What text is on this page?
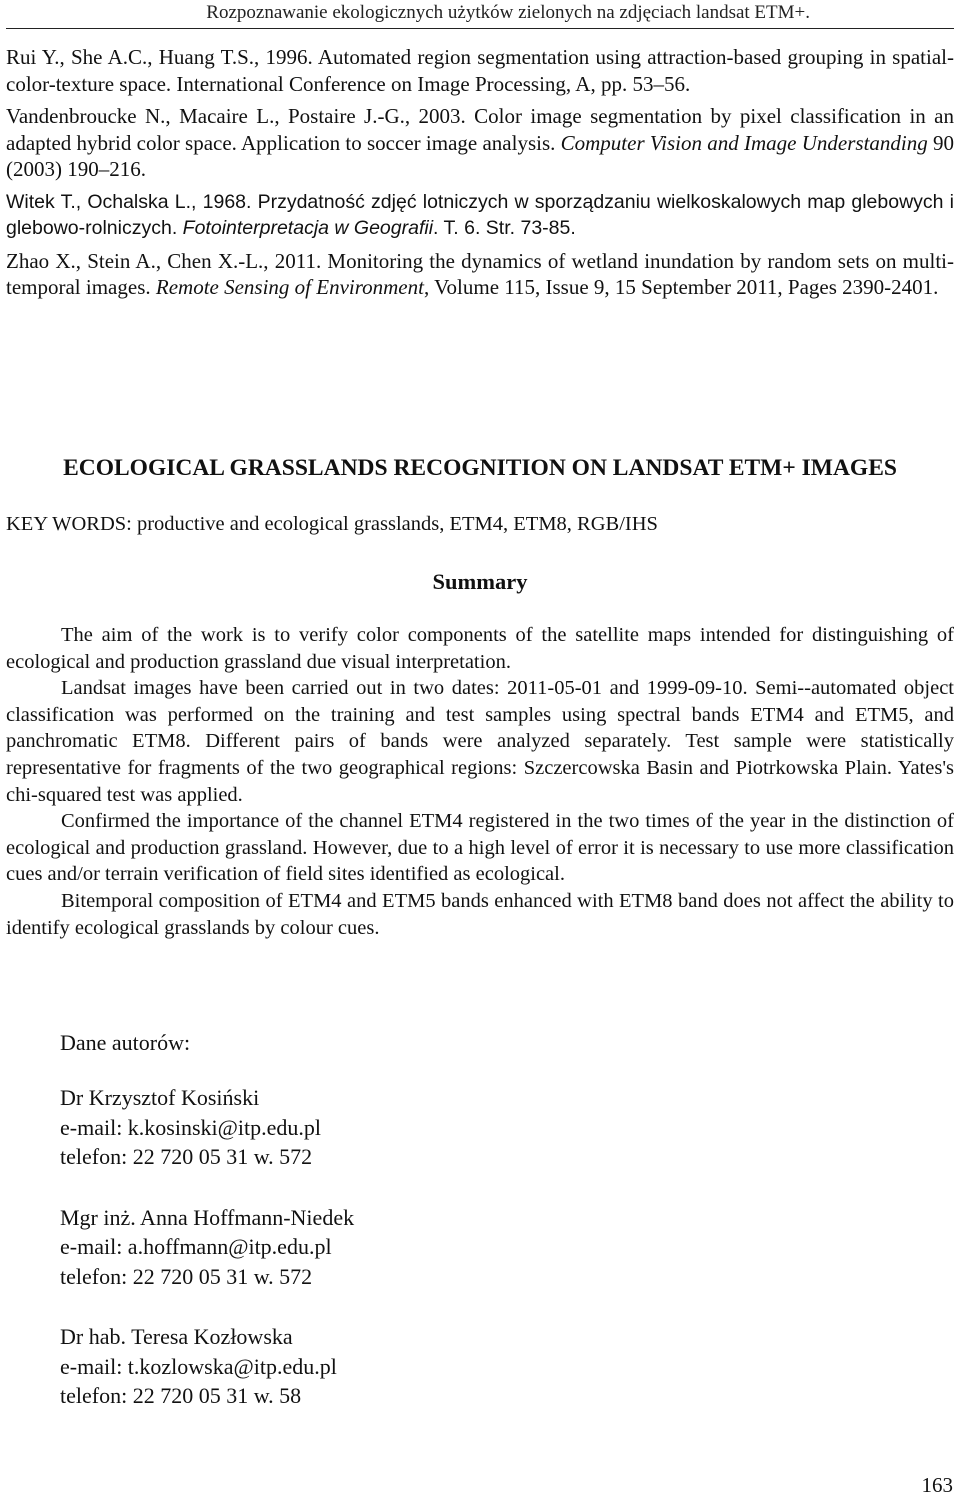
Rozpoznawanie ekologicznych użytków zielonych na zdjęciach landsat ETM+.

Rui Y., She A.C., Huang T.S., 1996. Automated region segmentation using attraction-based grouping in spatial-color-texture space. International Conference on Image Processing, A, pp. 53–56.

Vandenbroucke N., Macaire L., Postaire J.-G., 2003. Color image segmentation by pixel classification in an adapted hybrid color space. Application to soccer image analysis. Computer Vision and Image Understanding 90 (2003) 190–216.

Witek T., Ochalska L., 1968. Przydatność zdjęć lotniczych w sporządzaniu wielkoskalowych map glebowych i glebowo-rolniczych. Fotointerpretacja w Geografii. T. 6. Str. 73-85.

Zhao X., Stein A., Chen X.-L., 2011. Monitoring the dynamics of wetland inundation by random sets on multi-temporal images. Remote Sensing of Environment, Volume 115, Issue 9, 15 September 2011, Pages 2390-2401.

ECOLOGICAL GRASSLANDS RECOGNITION ON LANDSAT ETM+ IMAGES

KEY WORDS: productive and ecological grasslands, ETM4, ETM8, RGB/IHS

Summary

The aim of the work is to verify color components of the satellite maps intended for distinguishing of ecological and production grassland due visual interpretation.

Landsat images have been carried out in two dates: 2011-05-01 and 1999-09-10. Semi--automated object classification was performed on the training and test samples using spectral bands ETM4 and ETM5, and panchromatic ETM8. Different pairs of bands were analyzed separately. Test sample were statistically representative for fragments of the two geographical regions: Szczercowska Basin and Piotrkowska Plain. Yates's chi-squared test was applied.

Confirmed the importance of the channel ETM4 registered in the two times of the year in the distinction of ecological and production grassland. However, due to a high level of error it is necessary to use more classification cues and/or terrain verification of field sites identified as ecological.

Bitemporal composition of ETM4 and ETM5 bands enhanced with ETM8 band does not affect the ability to identify ecological grasslands by colour cues.

Dane autorów:

Dr Krzysztof Kosiński
e-mail: k.kosinski@itp.edu.pl
telefon: 22 720 05 31 w. 572
Mgr inż. Anna Hoffmann-Niedek
e-mail: a.hoffmann@itp.edu.pl
telefon: 22 720 05 31 w. 572
Dr hab. Teresa Kozłowska
e-mail: t.kozlowska@itp.edu.pl
telefon: 22 720 05 31 w. 58
163
